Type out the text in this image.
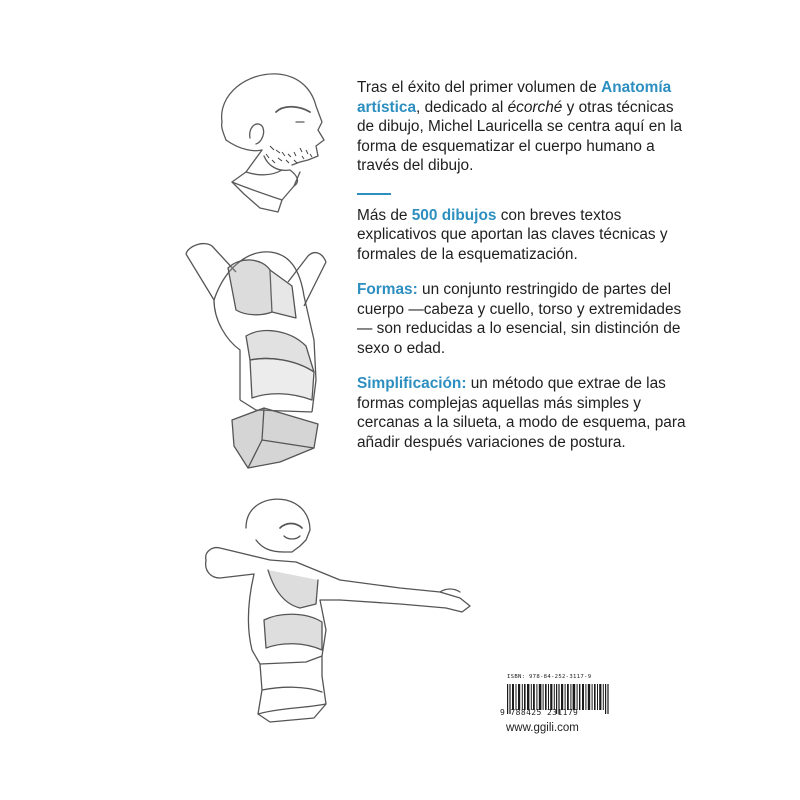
Tras el éxito del primer volumen de Anatomía artística, dedicado al écorché y otras técnicas de dibujo, Michel Lauricella se centra aquí en la forma de esquematizar el cuerpo humano a través del dibujo.

Más de 500 dibujos con breves textos explicativos que aportan las claves técnicas y formales de la esquematización.

Formas: un conjunto restringido de partes del cuerpo —cabeza y cuello, torso y extremidades— son reducidas a lo esencial, sin distinción de sexo o edad.

Simplificación: un método que extrae de las formas complejas aquellas más simples y cercanas a la silueta, a modo de esquema, para añadir después variaciones de postura.

ISBN: 978-84-252-3117-9
9 788425 231179
www.ggili.com
